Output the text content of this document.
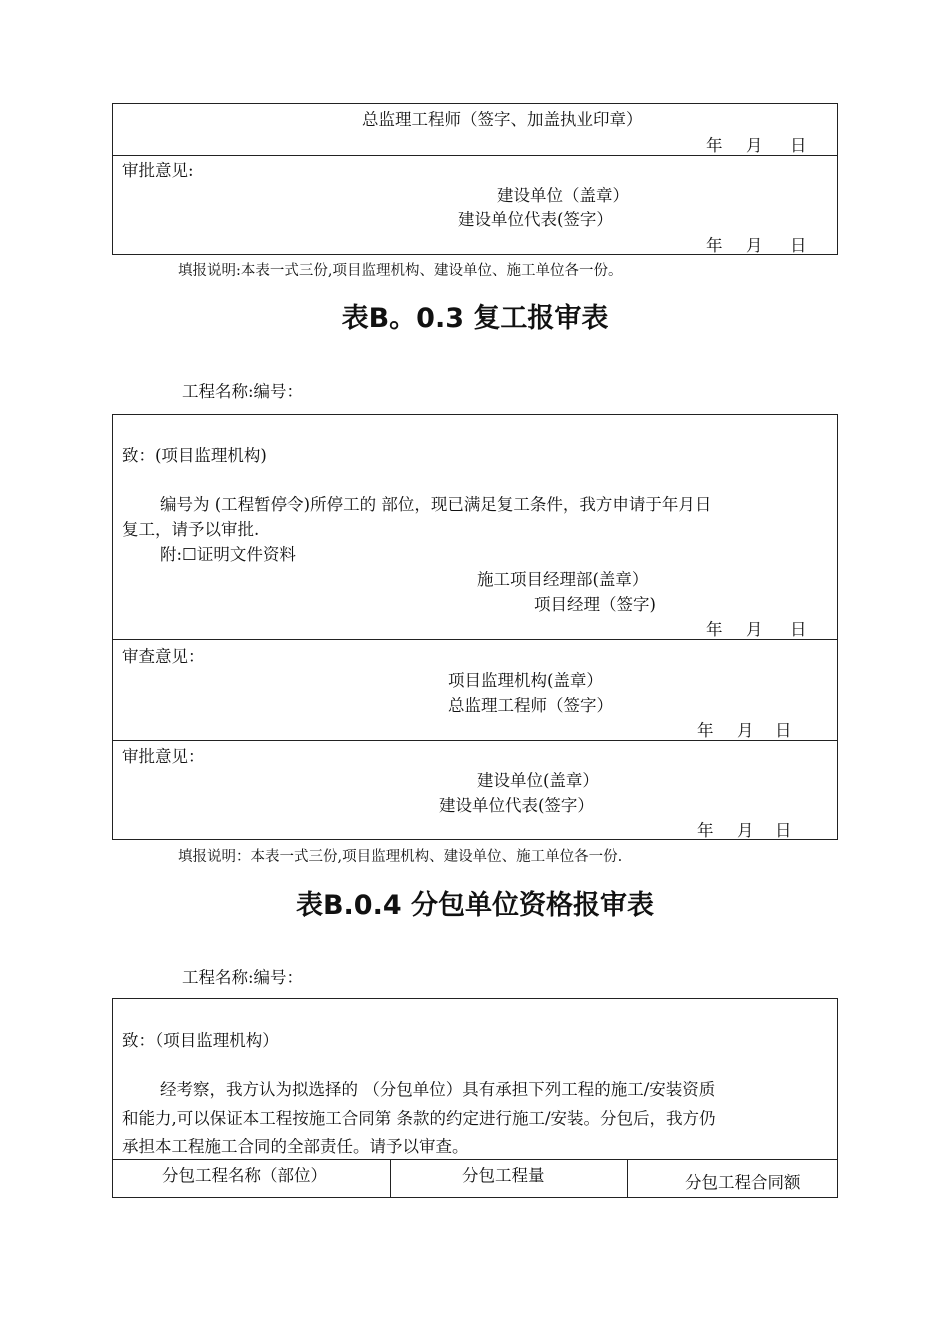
总监理工程师（签字、加盖执业印章）
年 月 日
审批意见:
建设单位（盖章）
建设单位代表(签字）
年 月 日
填报说明:本表一式三份,项目监理机构、建设单位、施工单位各一份。
表B。0.3 复工报审表
工程名称:编号：
致：(项目监理机构)
编号为 (工程暂停令)所停工的 部位，现已满足复工条件，我方申请于年月日
复工，请予以审批.
附:☐证明文件资料
施工项目经理部(盖章）
项目经理（签字)
年 月 日
审查意见：
项目监理机构(盖章）
总监理工程师（签字）
年 月 日
审批意见：
建设单位(盖章）
建设单位代表(签字）
年 月 日
填报说明：本表一式三份,项目监理机构、建设单位、施工单位各一份.
表B.0.4 分包单位资格报审表
工程名称:编号：
致：（项目监理机构）
经考察，我方认为拟选择的 （分包单位）具有承担下列工程的施工/安装资质
和能力,可以保证本工程按施工合同第 条款的约定进行施工/安装。分包后，我方仍
承担本工程施工合同的全部责任。请予以审查。
分包工程名称（部位）	分包工程量	分包工程合同额
